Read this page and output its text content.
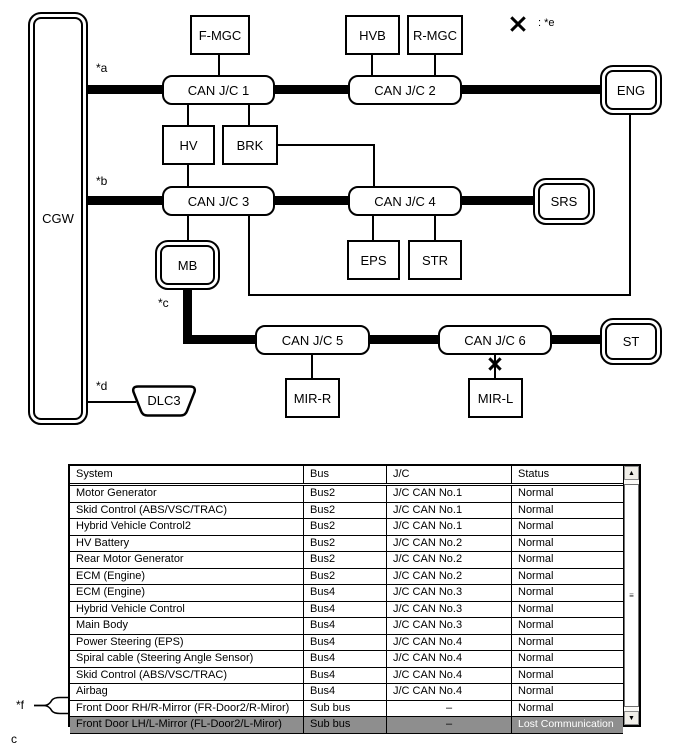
CGW
F-MGC	HVB	R-MGC
CAN J/C 1	CAN J/C 2	ENG
HV	BRK
CAN J/C 3	CAN J/C 4	SRS
MB	EPS	STR
CAN J/C 5	CAN J/C 6	ST
MIR-R	MIR-L
DLC3
: *e
*a
*b
*c
*d
System	Bus	J/C	Status
Motor Generator	Bus2	J/C CAN No.1	Normal
Skid Control (ABS/VSC/TRAC)	Bus2	J/C CAN No.1	Normal
Hybrid Vehicle Control2	Bus2	J/C CAN No.1	Normal
HV Battery	Bus2	J/C CAN No.2	Normal
Rear Motor Generator	Bus2	J/C CAN No.2	Normal
ECM (Engine)	Bus2	J/C CAN No.2	Normal
ECM (Engine)	Bus4	J/C CAN No.3	Normal
Hybrid Vehicle Control	Bus4	J/C CAN No.3	Normal
Main Body	Bus4	J/C CAN No.3	Normal
Power Steering (EPS)	Bus4	J/C CAN No.4	Normal
Spiral cable (Steering Angle Sensor)	Bus4	J/C CAN No.4	Normal
Skid Control (ABS/VSC/TRAC)	Bus4	J/C CAN No.4	Normal
Airbag	Bus4	J/C CAN No.4	Normal
Front Door RH/R-Mirror (FR-Door2/R-Miror)	Sub bus	–	Normal
Front Door LH/L-Mirror (FL-Door2/L-Miror)	Sub bus	–	Lost Communication
▲
≡
▼
*f
c
